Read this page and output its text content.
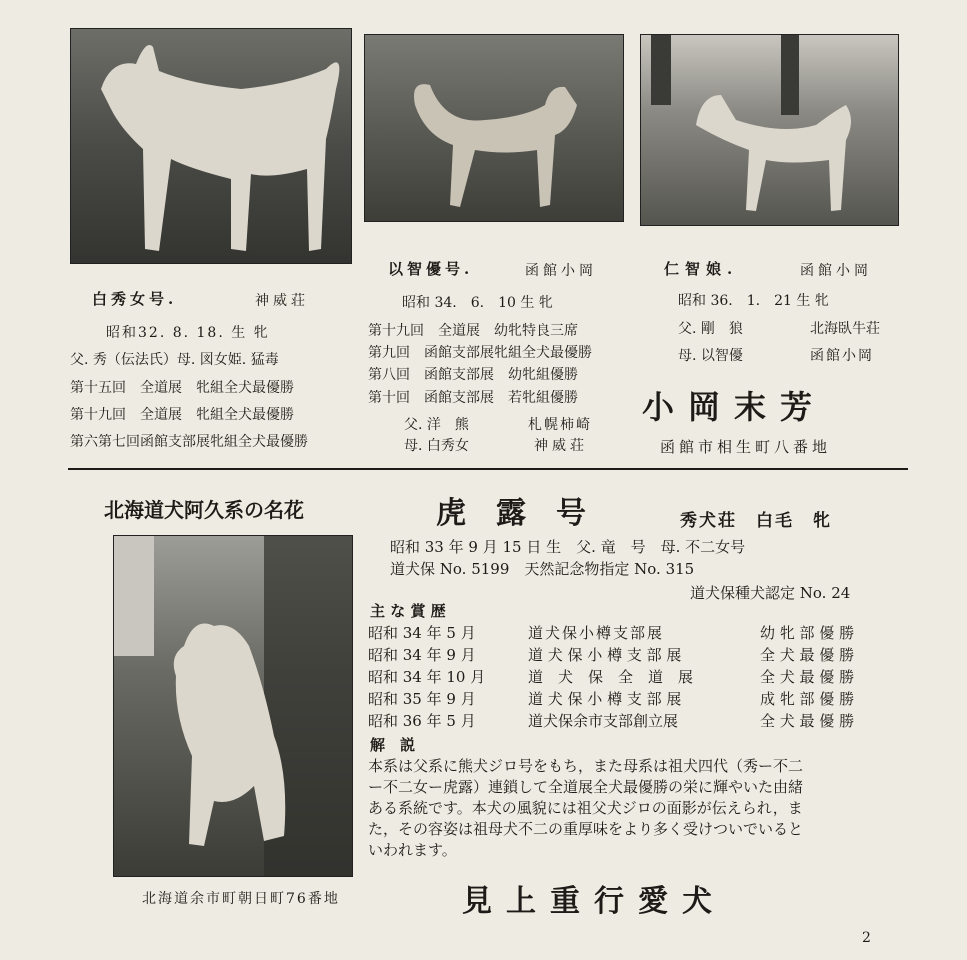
白秀女号.	神威荘
昭和32. 8. 18. 生 牝
父. 秀（伝法氏）母. 図女姫. 猛毒
第十五回　全道展　牝組全犬最優勝
第十九回　全道展　牝組全犬最優勝
第六第七回函館支部展牝組全犬最優勝
以智優号.	函館小岡
昭和 34.　6.　10 生 牝
第十九回　全道展　幼牝特良三席
第九回　函館支部展牝組全犬最優勝
第八回　函館支部展　幼牝組優勝
第十回　函館支部展　若牝組優勝
父. 洋　熊	札幌柿崎
母. 白秀女	神威荘
仁智娘.	函館小岡
昭和 36.　1.　21 生 牝
父. 剛　狼	北海臥牛荘
母. 以智優	函館小岡
小岡末芳
函館市相生町八番地
北海道犬阿久系の名花	虎　露　号	秀犬荘　白毛　牝
昭和 33 年 9 月 15 日 生　父. 竜　号　母. 不二女号
道犬保 No. 5199　天然記念物指定 No. 315
道犬保種犬認定 No. 24
主 な 賞 歴
昭和 34 年 5 月	道犬保小樽支部展	幼 牝 部 優 勝
昭和 34 年 9 月	道 犬 保 小 樽 支 部 展	全 犬 最 優 勝
昭和 34 年 10 月	道　犬　保　全　道　展	全 犬 最 優 勝
昭和 35 年 9 月	道 犬 保 小 樽 支 部 展	成 牝 部 優 勝
昭和 36 年 5 月	道犬保余市支部創立展	全 犬 最 優 勝
解　説
本系は父系に熊犬ジロ号をもち，また母系は祖犬四代（秀ー不二
ー不二女ー虎露）連鎖して全道展全犬最優勝の栄に輝やいた由緒
ある系統です。本犬の風貌には祖父犬ジロの面影が伝えられ，ま
た，その容姿は祖母犬不二の重厚味をより多く受けついでいると
いわれます。
北海道余市町朝日町76番地	見上重行愛犬
2
